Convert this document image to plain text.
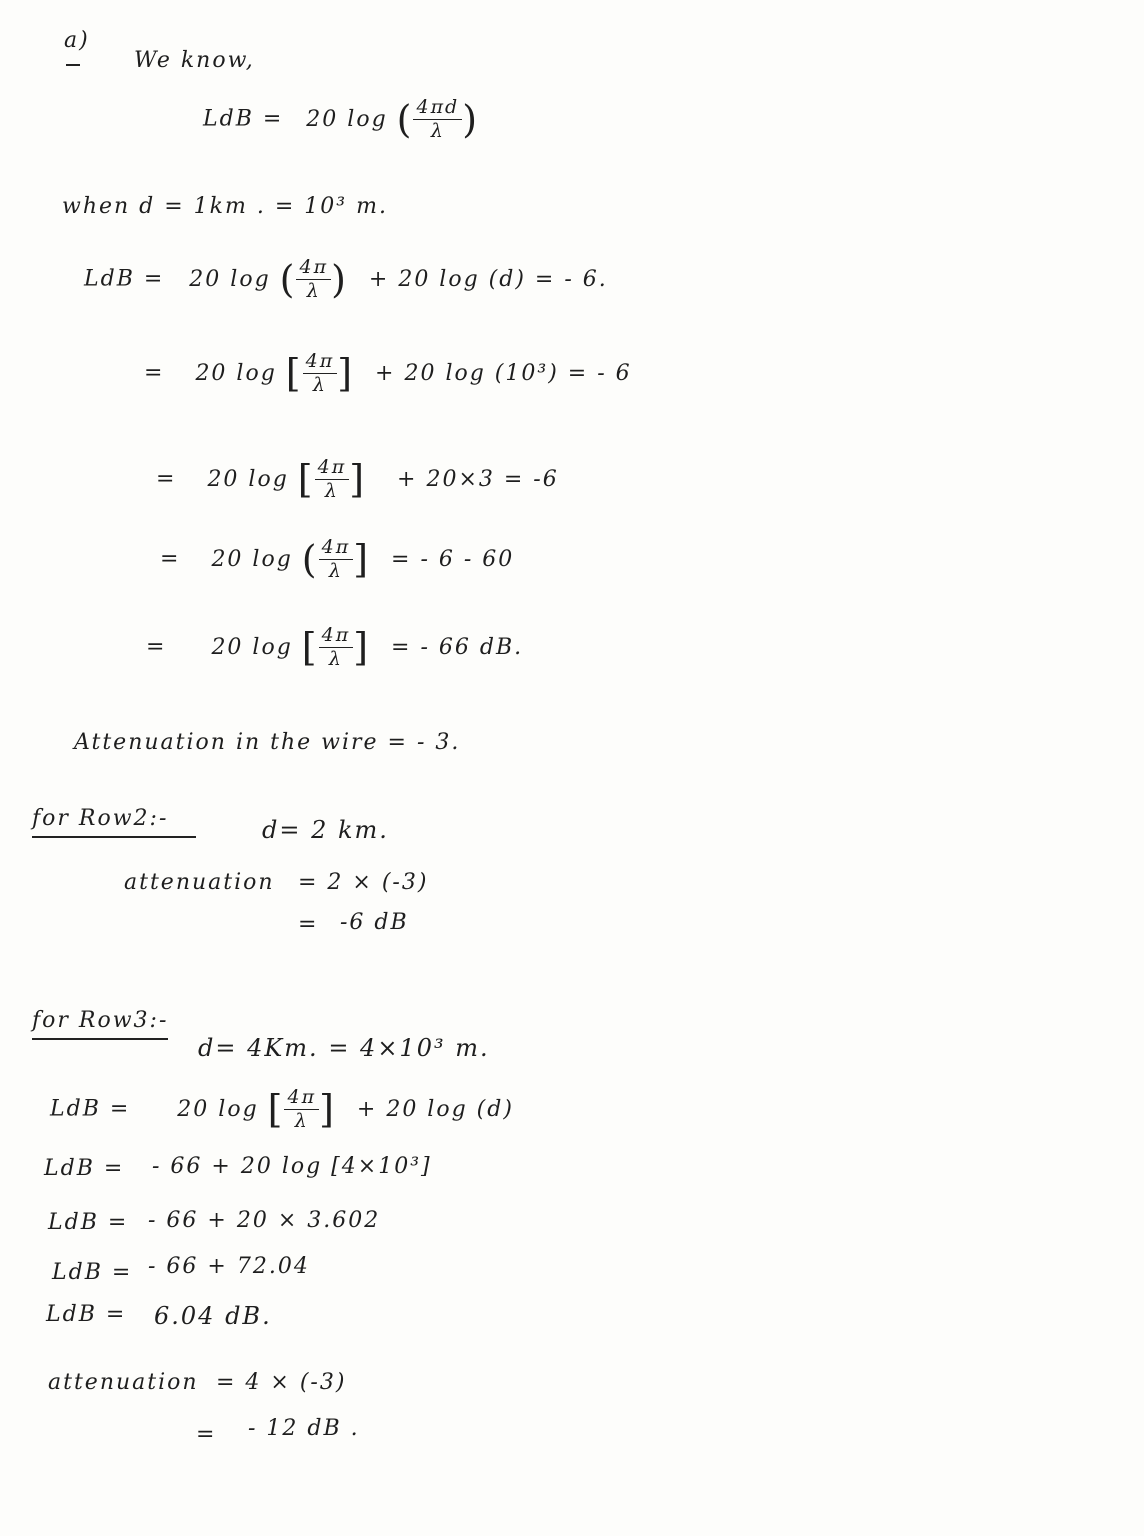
a)
We know,
LdB = 20 log ( $\frac{4\pi d}{\lambda}$ )
when d = 1km . = 10³ m.
LdB = 20 log ( $\frac{4\pi}{\lambda}$ ) + 20 log (d) = - 6.
= 20 log [ $\frac{4\pi}{\lambda}$ ] + 20 log (10³) = - 6
= 20 log [ $\frac{4\pi}{\lambda}$ ] + 20×3 = -6
= 20 log ( $\frac{4\pi}{\lambda}$ ] = - 6 - 60
= 20 log [ $\frac{4\pi}{\lambda}$ ] = - 66 dB.
Attenuation in the wire = - 3.
for Row2:-	d= 2 km.
attenuation = 2 × (-3)
= -6 dB
for Row3:-
d= 4Km. = 4×10³ m.
LdB = 20 log [ $\frac{4\pi}{\lambda}$ ] + 20 log (d)
LdB = - 66 + 20 log [4×10³]
LdB = - 66 + 20 × 3.602
LdB = - 66 + 72.04
LdB = 6.04 dB.
attenuation = 4 × (-3)
= - 12 dB .
